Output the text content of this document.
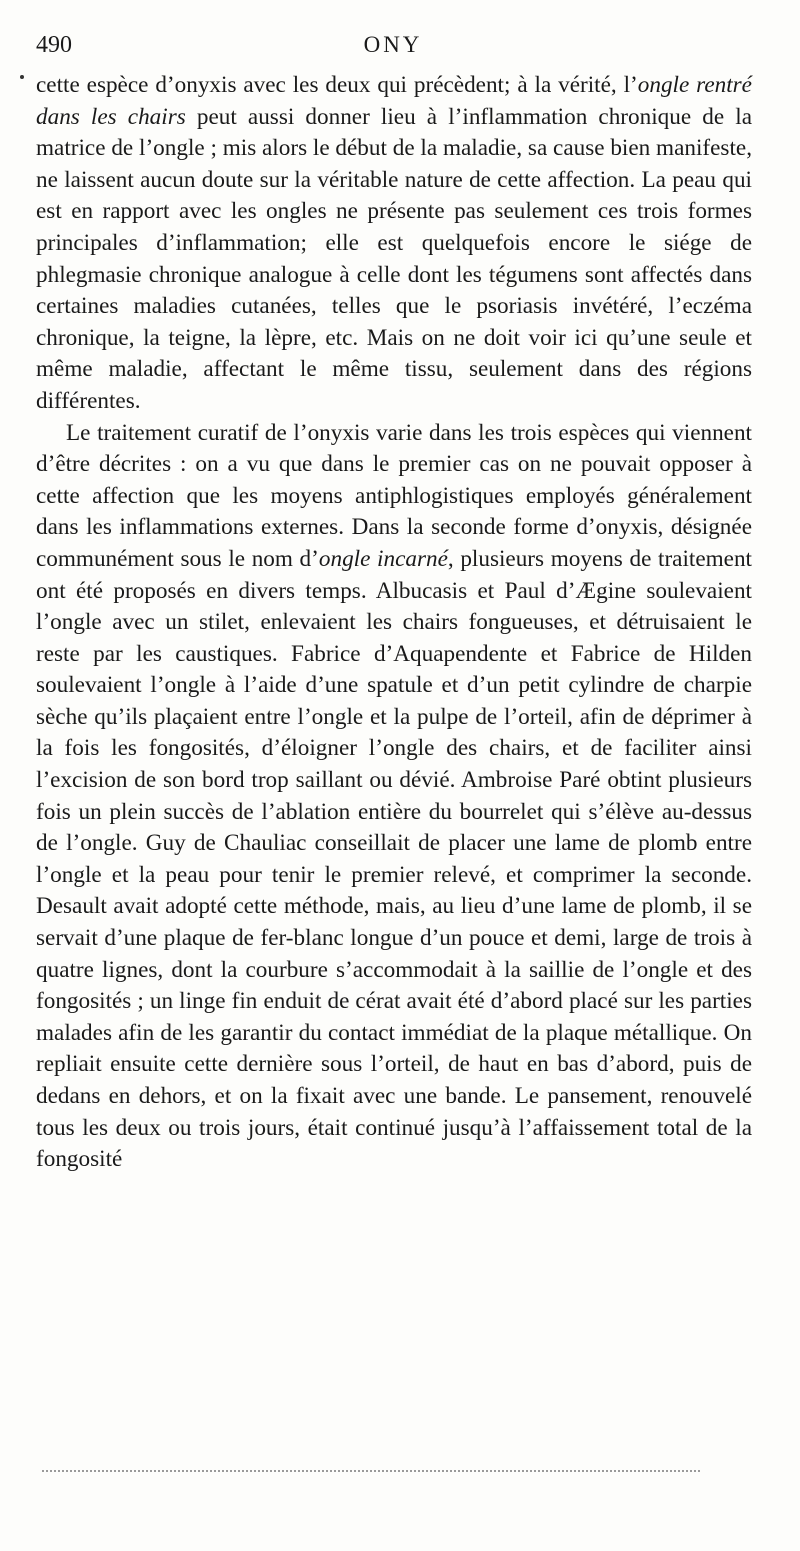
490	ONY

cette espèce d’onyxis avec les deux qui précèdent; à la vérité, l’ongle rentré dans les chairs peut aussi donner lieu à l’inflammation chronique de la matrice de l’ongle ; mis alors le début de la maladie, sa cause bien manifeste, ne laissent aucun doute sur la véritable nature de cette affection. La peau qui est en rapport avec les ongles ne présente pas seulement ces trois formes principales d’inflammation; elle est quelquefois encore le siége de phlegmasie chronique analogue à celle dont les tégumens sont affectés dans certaines maladies cutanées, telles que le psoriasis invétéré, l’eczéma chronique, la teigne, la lèpre, etc. Mais on ne doit voir ici qu’une seule et même maladie, affectant le même tissu, seulement dans des régions différentes.

Le traitement curatif de l’onyxis varie dans les trois espèces qui viennent d’être décrites : on a vu que dans le premier cas on ne pouvait opposer à cette affection que les moyens antiphlogistiques employés généralement dans les inflammations externes. Dans la seconde forme d’onyxis, désignée communément sous le nom d’ongle incarné, plusieurs moyens de traitement ont été proposés en divers temps. Albucasis et Paul d’Ægine soulevaient l’ongle avec un stilet, enlevaient les chairs fongueuses, et détruisaient le reste par les caustiques. Fabrice d’Aquapendente et Fabrice de Hilden soulevaient l’ongle à l’aide d’une spatule et d’un petit cylindre de charpie sèche qu’ils plaçaient entre l’ongle et la pulpe de l’orteil, afin de déprimer à la fois les fongosités, d’éloigner l’ongle des chairs, et de faciliter ainsi l’excision de son bord trop saillant ou dévié. Ambroise Paré obtint plusieurs fois un plein succès de l’ablation entière du bourrelet qui s’élève au-dessus de l’ongle. Guy de Chauliac conseillait de placer une lame de plomb entre l’ongle et la peau pour tenir le premier relevé, et comprimer la seconde. Desault avait adopté cette méthode, mais, au lieu d’une lame de plomb, il se servait d’une plaque de fer-blanc longue d’un pouce et demi, large de trois à quatre lignes, dont la courbure s’accommodait à la saillie de l’ongle et des fongosités ; un linge fin enduit de cérat avait été d’abord placé sur les parties malades afin de les garantir du contact immédiat de la plaque métallique. On repliait ensuite cette dernière sous l’orteil, de haut en bas d’abord, puis de dedans en dehors, et on la fixait avec une bande. Le pansement, renouvelé tous les deux ou trois jours, était continué jusqu’à l’affaissement total de la fongosité
